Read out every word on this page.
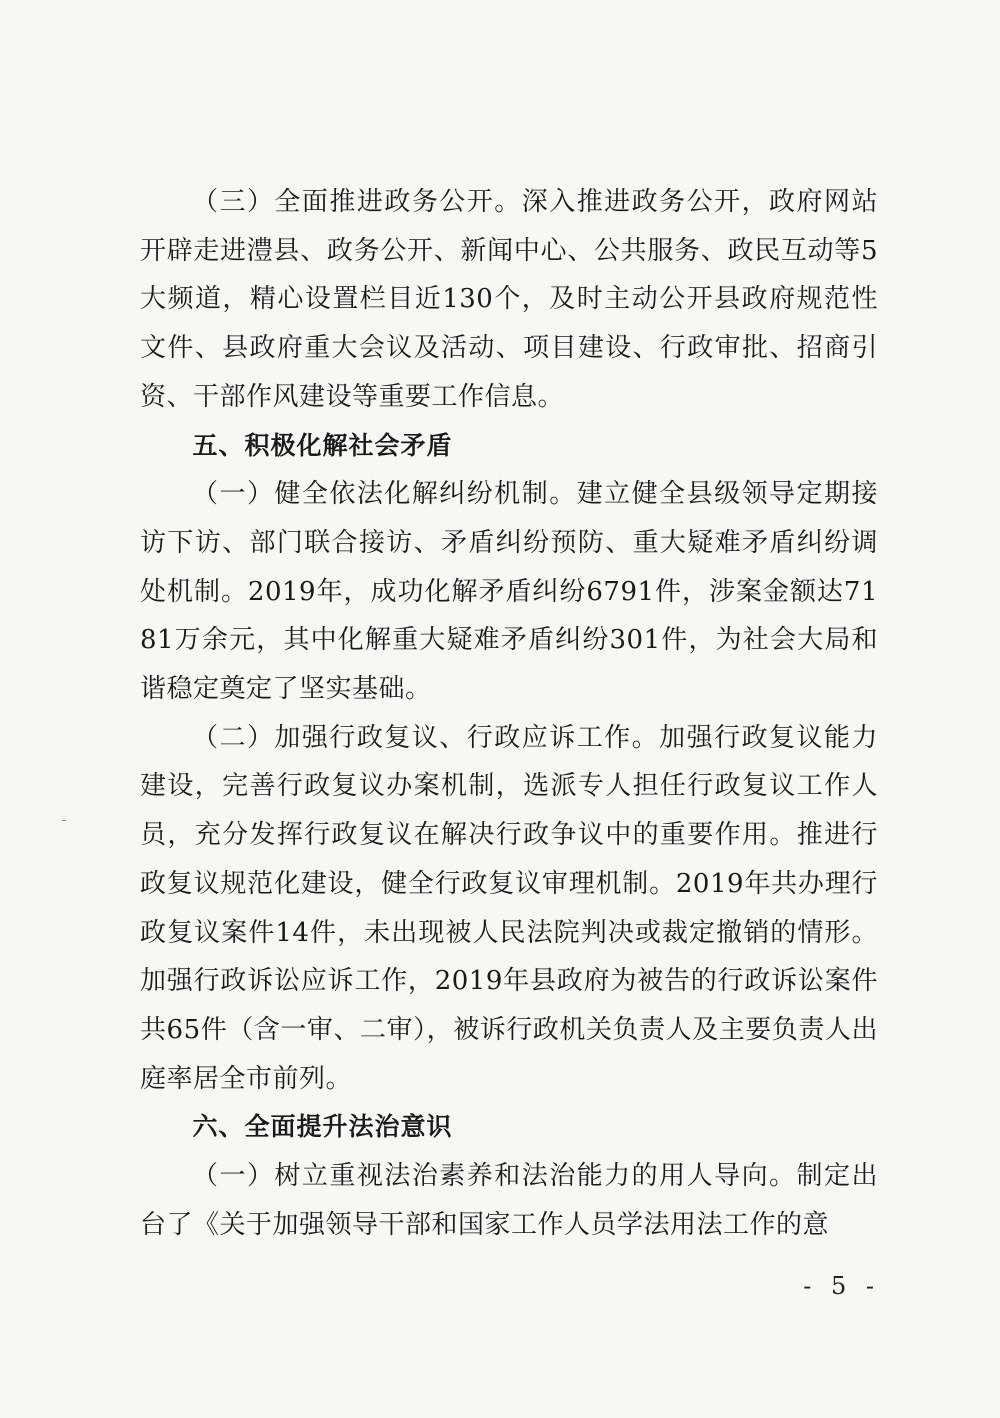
（三）全面推进政务公开。深入推进政务公开，政府网站开辟走进澧县、政务公开、新闻中心、公共服务、政民互动等5大频道，精心设置栏目近130个，及时主动公开县政府规范性文件、县政府重大会议及活动、项目建设、行政审批、招商引资、干部作风建设等重要工作信息。

五、积极化解社会矛盾

（一）健全依法化解纠纷机制。建立健全县级领导定期接访下访、部门联合接访、矛盾纠纷预防、重大疑难矛盾纠纷调处机制。2019年，成功化解矛盾纠纷6791件，涉案金额达7181万余元，其中化解重大疑难矛盾纠纷301件，为社会大局和谐稳定奠定了坚实基础。

（二）加强行政复议、行政应诉工作。加强行政复议能力建设，完善行政复议办案机制，选派专人担任行政复议工作人员，充分发挥行政复议在解决行政争议中的重要作用。推进行政复议规范化建设，健全行政复议审理机制。2019年共办理行政复议案件14件，未出现被人民法院判决或裁定撤销的情形。加强行政诉讼应诉工作，2019年县政府为被告的行政诉讼案件共65件（含一审、二审），被诉行政机关负责人及主要负责人出庭率居全市前列。

六、全面提升法治意识

（一）树立重视法治素养和法治能力的用人导向。制定出台了《关于加强领导干部和国家工作人员学法用法工作的意

- 5 -
